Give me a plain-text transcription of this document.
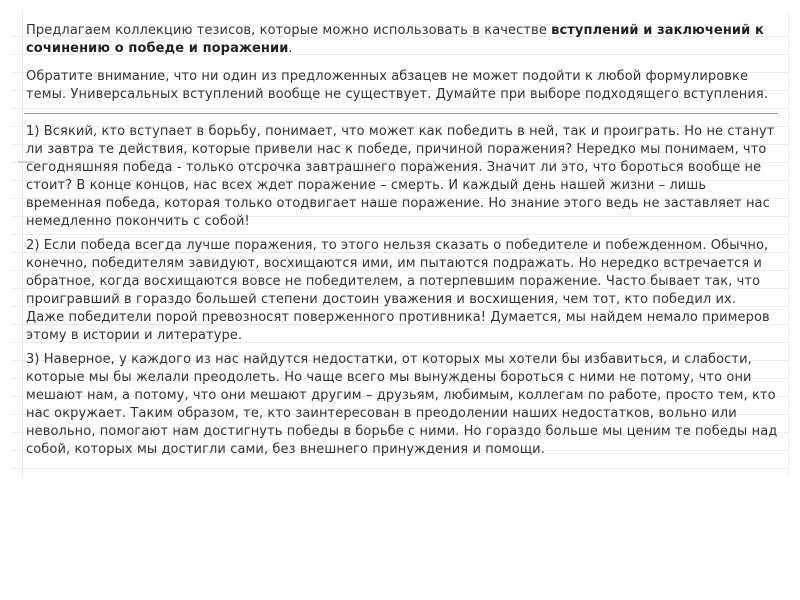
Предлагаем коллекцию тезисов, которые можно использовать в качестве вступлений и заключений к сочинению о победе и поражении.

Обратите внимание, что ни один из предложенных абзацев не может подойти к любой формулировке темы. Универсальных вступлений вообще не существует. Думайте при выборе подходящего вступления.

1) Всякий, кто вступает в борьбу, понимает, что может как победить в ней, так и проиграть. Но не станут ли завтра те действия, которые привели нас к победе, причиной поражения? Нередко мы понимаем, что сегодняшняя победа - только отсрочка завтрашнего поражения. Значит ли это, что бороться вообще не стоит? В конце концов, нас всех ждет поражение – смерть. И каждый день нашей жизни – лишь временная победа, которая только отодвигает наше поражение. Но знание этого ведь не заставляет нас немедленно покончить с собой!

2) Если победа всегда лучше поражения, то этого нельзя сказать о победителе и побежденном. Обычно, конечно, победителям завидуют, восхищаются ими, им пытаются подражать. Но нередко встречается и обратное, когда восхищаются вовсе не победителем, а потерпевшим поражение. Часто бывает так, что проигравший в гораздо большей степени достоин уважения и восхищения, чем тот, кто победил их. Даже победители порой превозносят поверженного противника! Думается, мы найдем немало примеров этому в истории и литературе.

3) Наверное, у каждого из нас найдутся недостатки, от которых мы хотели бы избавиться, и слабости, которые мы бы желали преодолеть. Но чаще всего мы вынуждены бороться с ними не потому, что они мешают нам, а потому, что они мешают другим – друзьям, любимым, коллегам по работе, просто тем, кто нас окружает. Таким образом, те, кто заинтересован в преодолении наших недостатков, вольно или невольно, помогают нам достигнуть победы в борьбе с ними. Но гораздо больше мы ценим те победы над собой, которых мы достигли сами, без внешнего принуждения и помощи.
